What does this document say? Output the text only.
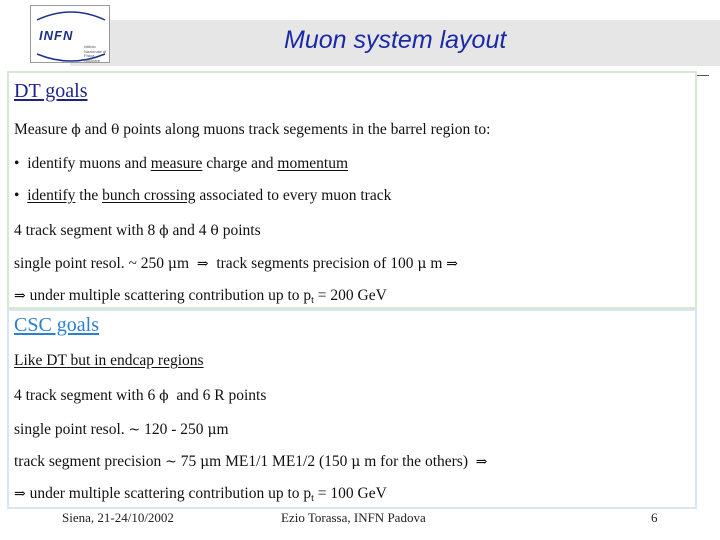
INFN
Istituto Nazionale di Fisica Nucleare
Muon system layout
DT goals
Measure ϕ and θ points along muons track segements in the barrel region to:
•  identify muons and measure charge and momentum
•  identify the bunch crossing associated to every muon track
4 track segment with 8 ϕ and 4 θ points
single point resol. ~ 250 μm ⇒ track segments precision of 100 μ m ⇒
⇒ under multiple scattering contribution up to $p_t = 200$ GeV
CSC goals
Like DT but in endcap regions
4 track segment with 6 ϕ and 6 R points
single point resol. ~ 120 - 250 μm
track segment precision ~ 75 μm ME1/1 ME1/2 (150 μ m for the others) ⇒
⇒ under multiple scattering contribution up to $p_t = 100$ GeV
Siena, 21-24/10/2002	Ezio Torassa, INFN Padova	6
